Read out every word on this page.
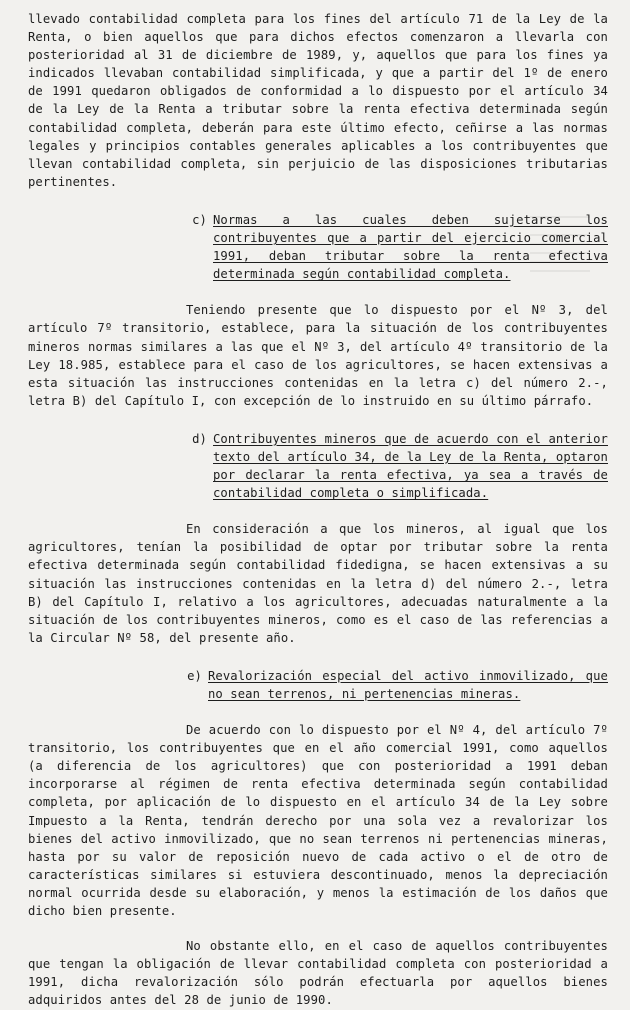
llevado contabilidad completa para los fines del artículo 71 de la Ley de la Renta, o bien aquellos que para dichos efectos comenzaron a llevarla con posterioridad al 31 de diciembre de 1989, y, aquellos que para los fines ya indicados llevaban contabilidad simplificada, y que a partir del 1º de enero de 1991 quedaron obligados de conformidad a lo dispuesto por el artículo 34 de la Ley de la Renta a tributar sobre la renta efectiva determinada según contabilidad completa, deberán para este último efecto, ceñirse a las normas legales y principios contables generales aplicables a los contribuyentes que llevan contabilidad completa, sin perjuicio de las disposiciones tributarias pertinentes.

c) Normas a las cuales deben sujetarse los contribuyentes que a partir del ejercicio comercial 1991, deban tributar sobre la renta efectiva determinada según contabilidad completa.

Teniendo presente que lo dispuesto por el Nº 3, del artículo 7º transitorio, establece, para la situación de los contribuyentes mineros normas similares a las que el Nº 3, del artículo 4º transitorio de la Ley 18.985, establece para el caso de los agricultores, se hacen extensivas a esta situación las instrucciones contenidas en la letra c) del número 2.-, letra B) del Capítulo I, con excepción de lo instruido en su último párrafo.

d) Contribuyentes mineros que de acuerdo con el anterior texto del artículo 34, de la Ley de la Renta, optaron por declarar la renta efectiva, ya sea a través de contabilidad completa o simplificada.

En consideración a que los mineros, al igual que los agricultores, tenían la posibilidad de optar por tributar sobre la renta efectiva determinada según contabilidad fidedigna, se hacen extensivas a su situación las instrucciones contenidas en la letra d) del número 2.-, letra B) del Capítulo I, relativo a los agricultores, adecuadas naturalmente a la situación de los contribuyentes mineros, como es el caso de las referencias a la Circular Nº 58, del presente año.

e) Revalorización especial del activo inmovilizado, que no sean terrenos, ni pertenencias mineras.

De acuerdo con lo dispuesto por el Nº 4, del artículo 7º transitorio, los contribuyentes que en el año comercial 1991, como aquellos (a diferencia de los agricultores) que con posterioridad a 1991 deban incorporarse al régimen de renta efectiva determinada según contabilidad completa, por aplicación de lo dispuesto en el artículo 34 de la Ley sobre Impuesto a la Renta, tendrán derecho por una sola vez a revalorizar los bienes del activo inmovilizado, que no sean terrenos ni pertenencias mineras, hasta por su valor de reposición nuevo de cada activo o el de otro de características similares si estuviera descontinuado, menos la depreciación normal ocurrida desde su elaboración, y menos la estimación de los daños que dicho bien presente.

No obstante ello, en el caso de aquellos contribuyentes que tengan la obligación de llevar contabilidad completa con posterioridad a 1991, dicha revalorización sólo podrán efectuarla por aquellos bienes adquiridos antes del 28 de junio de 1990.
